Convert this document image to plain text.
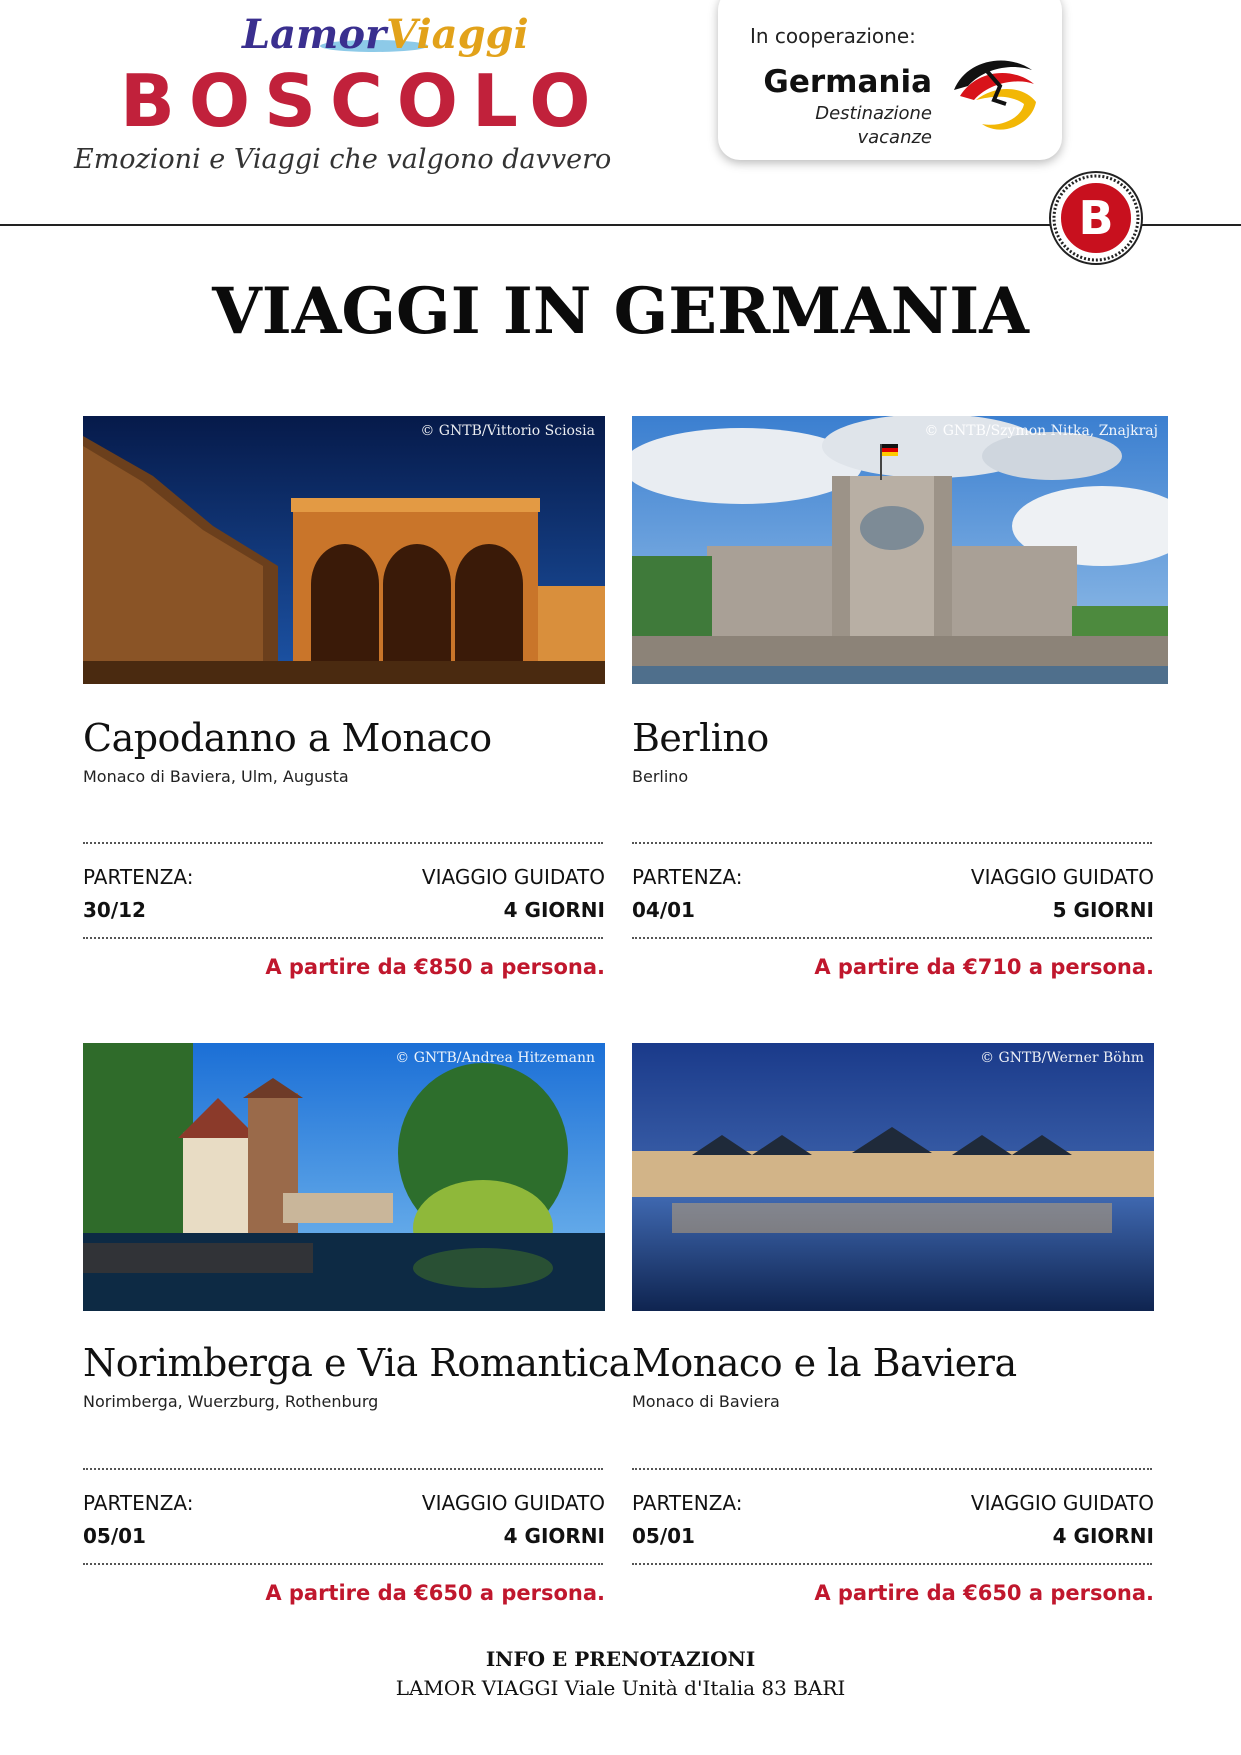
LamorViaggi
BOSCOLO
Emozioni e Viaggi che valgono davvero
In cooperazione:
Germania
Destinazione vacanze
B
VIAGGI IN GERMANIA
© GNTB/Vittorio Sciosia
Capodanno a Monaco
Monaco di Baviera, Ulm, Augusta
PARTENZA:	VIAGGIO GUIDATO
30/12	4 GIORNI
A partire da €850 a persona.
© GNTB/Szymon Nitka, Znajkraj
Berlino
Berlino
PARTENZA:	VIAGGIO GUIDATO
04/01	5 GIORNI
A partire da €710 a persona.
© GNTB/Andrea Hitzemann
Norimberga e Via Romantica
Norimberga, Wuerzburg, Rothenburg
PARTENZA:	VIAGGIO GUIDATO
05/01	4 GIORNI
A partire da €650 a persona.
© GNTB/Werner Böhm
Monaco e la Baviera
Monaco di Baviera
PARTENZA:	VIAGGIO GUIDATO
05/01	4 GIORNI
A partire da €650 a persona.
INFO E PRENOTAZIONI
LAMOR VIAGGI Viale Unità d'Italia 83 BARI
